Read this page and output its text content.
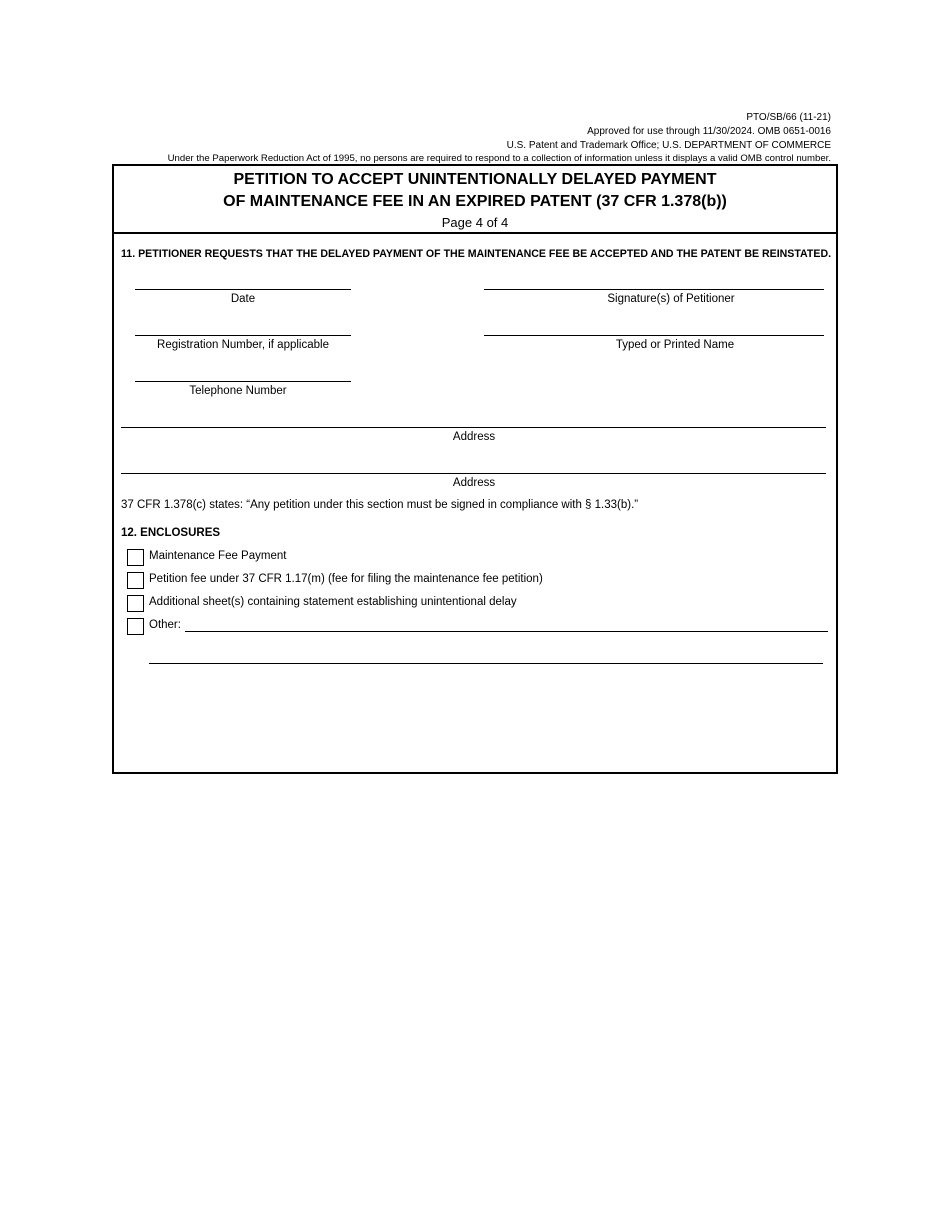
PTO/SB/66 (11-21)
Approved for use through 11/30/2024. OMB 0651-0016
U.S. Patent and Trademark Office; U.S. DEPARTMENT OF COMMERCE
Under the Paperwork Reduction Act of 1995, no persons are required to respond to a collection of information unless it displays a valid OMB control number.
PETITION TO ACCEPT UNINTENTIONALLY DELAYED PAYMENT
OF MAINTENANCE FEE IN AN EXPIRED PATENT (37 CFR 1.378(b))
Page 4 of 4
11. PETITIONER REQUESTS THAT THE DELAYED PAYMENT OF THE MAINTENANCE FEE BE ACCEPTED AND THE PATENT BE REINSTATED.
Date	Signature(s) of Petitioner
Registration Number, if applicable	Typed or Printed Name
Telephone Number
Address
Address
37 CFR 1.378(c) states: “Any petition under this section must be signed in compliance with § 1.33(b).”
12. ENCLOSURES
Maintenance Fee Payment
Petition fee under 37 CFR 1.17(m) (fee for filing the maintenance fee petition)
Additional sheet(s) containing statement establishing unintentional delay
Other:
